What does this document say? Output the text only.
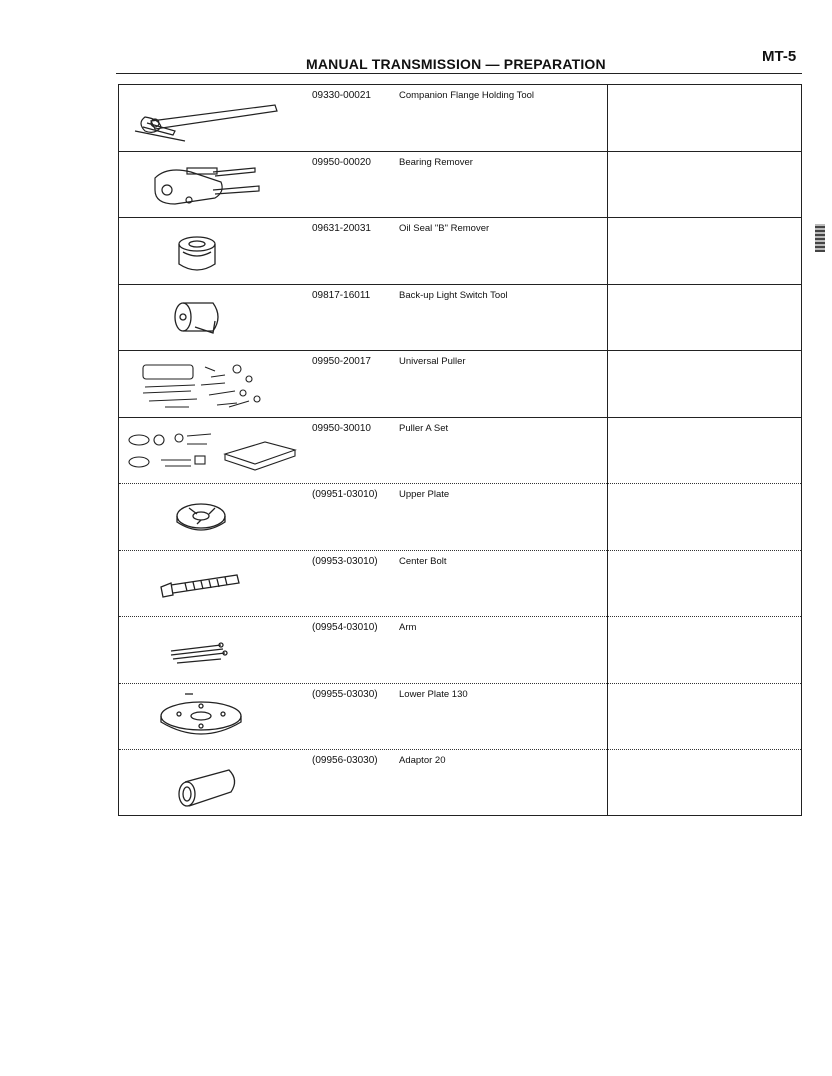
MANUAL TRANSMISSION — PREPARATION	MT-5
09330-00021	Companion Flange Holding Tool
09950-00020	Bearing Remover
09631-20031	Oil Seal "B" Remover
09817-16011	Back-up Light Switch Tool
09950-20017	Universal Puller
09950-30010	Puller A Set
(09951-03010) Upper Plate
(09953-03010) Center Bolt
(09954-03010) Arm
(09955-03030) Lower Plate 130
(09956-03030) Adaptor 20
